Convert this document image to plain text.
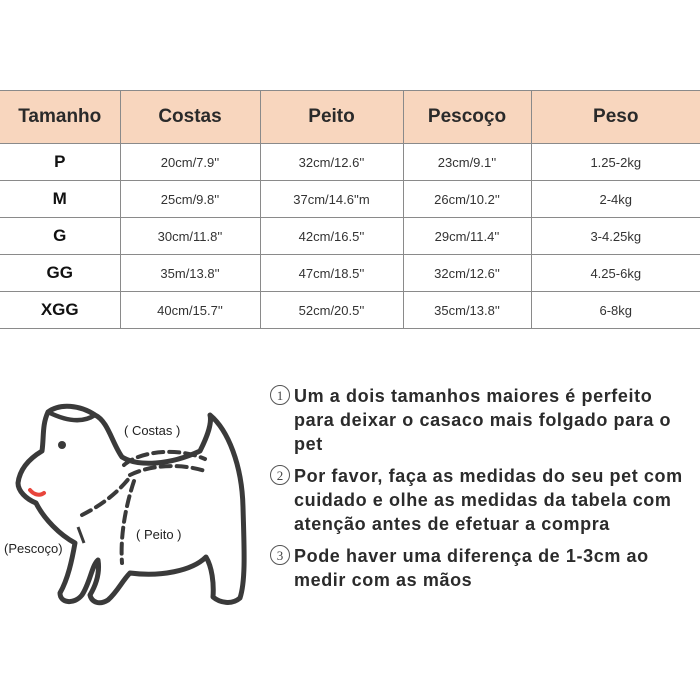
Tamanho	Costas	Peito	Pescoço	Peso
P	20cm/7.9''	32cm/12.6''	23cm/9.1''	1.25-2kg
M	25cm/9.8''	37cm/14.6''m	26cm/10.2''	2-4kg
G	30cm/11.8''	42cm/16.5''	29cm/11.4''	3-4.25kg
GG	35m/13.8''	47cm/18.5''	32cm/12.6''	4.25-6kg
XGG	40cm/15.7''	52cm/20.5''	35cm/13.8''	6-8kg
( Costas )
( Peito )
(Pescoço)
1 Um a dois tamanhos maiores é perfeito para deixar o casaco mais folgado para o pet
2 Por favor, faça as medidas do seu pet com cuidado e olhe as medidas da tabela com atenção antes de efetuar a compra
3 Pode haver uma diferença de 1-3cm ao medir com as mãos
